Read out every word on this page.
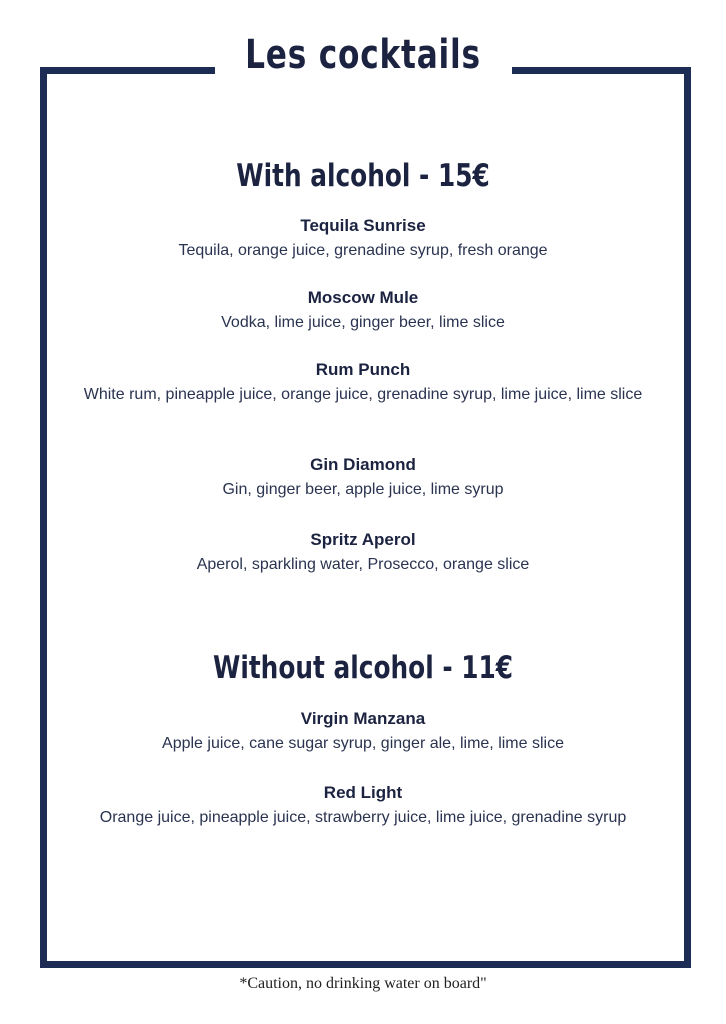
Les cocktails
With alcohol - 15€
Tequila Sunrise
Tequila, orange juice, grenadine syrup, fresh orange
Moscow Mule
Vodka, lime juice, ginger beer, lime slice
Rum Punch
White rum, pineapple juice, orange juice, grenadine syrup, lime juice, lime slice
Gin Diamond
Gin, ginger beer, apple juice, lime syrup
Spritz Aperol
Aperol, sparkling water, Prosecco, orange slice
Without alcohol - 11€
Virgin Manzana
Apple juice, cane sugar syrup, ginger ale, lime, lime slice
Red Light
Orange juice, pineapple juice, strawberry juice, lime juice, grenadine syrup
*Caution, no drinking water on board"
